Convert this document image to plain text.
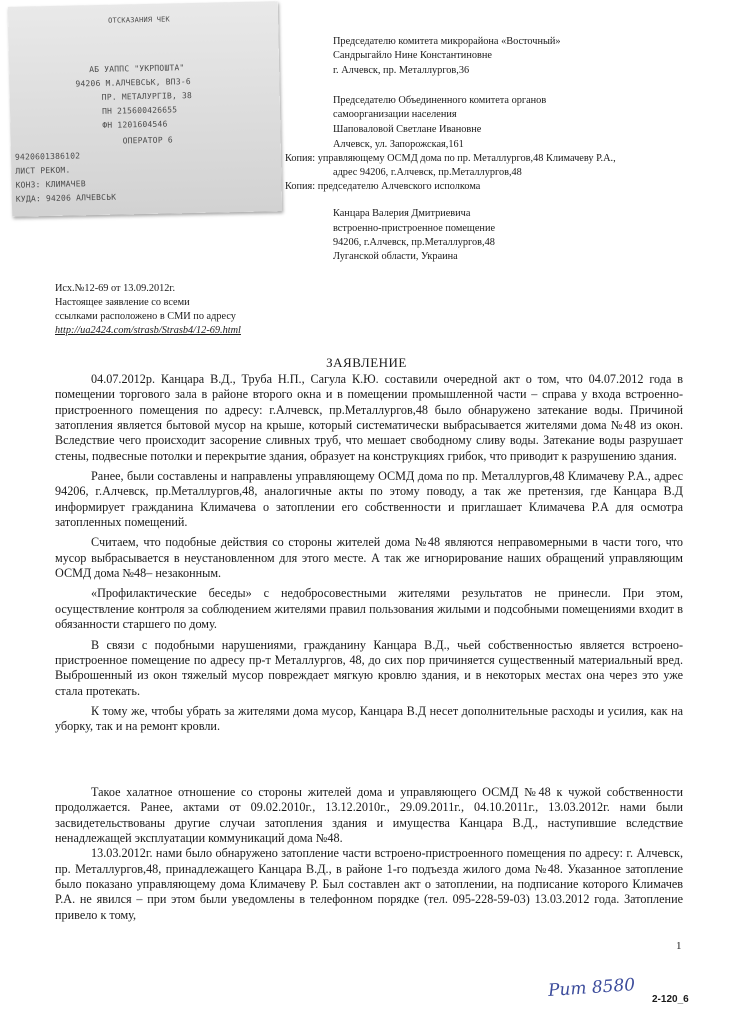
ОТСКАЗАНИЯ ЧЕК
АБ УАППС "УКРПОШТА"
94206 М.АЛЧЕВСЬК, ВПЗ-6
ПР. МЕТАЛУРГІВ, 38
ПН 215600426655
ФН 1201604546
ОПЕРАТОР 6
9420601386102
ЛИСТ РЕКОМ.
КОНЗ: КЛИМАЧЕВ
КУДА: 94206 АЛЧЕВСЬК
Председателю комитета микрорайона «Восточный»
Сандрыгайло Нине Константиновне
г. Алчевск, пр. Металлургов,36
Председателю Объединенного комитета органов
самоорганизации населения
Шаповаловой Светлане Ивановне
Алчевск, ул. Запорожская,161
Копия: управляющему ОСМД дома по пр. Металлургов,48 Климачеву Р.А.,
адрес 94206, г.Алчевск, пр.Металлургов,48
Копия: председателю Алчевского исполкома
Канцара Валерия Дмитриевича
встроенно-пристроенное помещение
94206, г.Алчевск, пр.Металлургов,48
Луганской области, Украина
Исх.№12-69 от 13.09.2012г.
Настоящее заявление со всеми
ссылками расположено в СМИ по адресу
http://ua2424.com/strasb/Strasb4/12-69.html
ЗАЯВЛЕНИЕ

04.07.2012р. Канцара В.Д., Труба Н.П., Сагула К.Ю. составили очередной акт о том, что 04.07.2012 года в помещении торгового зала в районе второго окна и в помещении промышленной части – справа у входа встроенно-пристроенного помещения по адресу: г.Алчевск, пр.Металлургов,48 было обнаружено затекание воды. Причиной затопления является бытовой мусор на крыше, который систематически выбрасывается жителями дома №48 из окон. Вследствие чего происходит засорение сливных труб, что мешает свободному сливу воды. Затекание воды разрушает стены, подвесные потолки и перекрытие здания, образует на конструкциях грибок, что приводит к разрушению здания.

Ранее, были составлены и направлены управляющему ОСМД дома по пр. Металлургов,48 Климачеву Р.А., адрес 94206, г.Алчевск, пр.Металлургов,48, аналогичные акты по этому поводу, а так же претензия, где Канцара В.Д информирует гражданина Климачева о затоплении его собственности и приглашает Климачева Р.А для осмотра затопленных помещений.

Считаем, что подобные действия со стороны жителей дома №48 являются неправомерными в части того, что мусор выбрасывается в неустановленном для этого месте. А так же игнорирование наших обращений управляющим ОСМД дома №48– незаконным.

«Профилактические беседы» с недобросовестными жителями результатов не принесли. При этом, осуществление контроля за соблюдением жителями правил пользования жилыми и подсобными помещениями входит в обязанности старшего по дому.

В связи с подобными нарушениями, гражданину Канцара В.Д., чьей собственностью является встроено-пристроенное помещение по адресу пр-т Металлургов, 48, до сих пор причиняется существенный материальный вред. Выброшенный из окон тяжелый мусор повреждает мягкую кровлю здания, и в некоторых местах она через это уже стала протекать.

К тому же, чтобы убрать за жителями дома мусор, Канцара В.Д несет дополнительные расходы и усилия, как на уборку, так и на ремонт кровли.

Такое халатное отношение со стороны жителей дома и управляющего ОСМД №48 к чужой собственности продолжается. Ранее, актами от 09.02.2010г., 13.12.2010г., 29.09.2011г., 04.10.2011г., 13.03.2012г. нами были засвидетельствованы другие случаи затопления здания и имущества Канцара В.Д., наступившие вследствие ненадлежащей эксплуатации коммуникаций дома №48.

13.03.2012г. нами было обнаружено затопление части встроено-пристроенного помещения по адресу: г. Алчевск, пр. Металлургов,48, принадлежащего Канцара В.Д., в районе 1-го подъезда жилого дома №48. Указанное затопление было показано управляющему дома Климачеву Р. Был составлен акт о затоплении, на подписание которого Климачев Р.А. не явился – при этом были уведомлены в телефонном порядке (тел. 095-228-59-03) 13.03.2012 года. Затопление привело к тому,

1
Рит 8580 2-120_6
